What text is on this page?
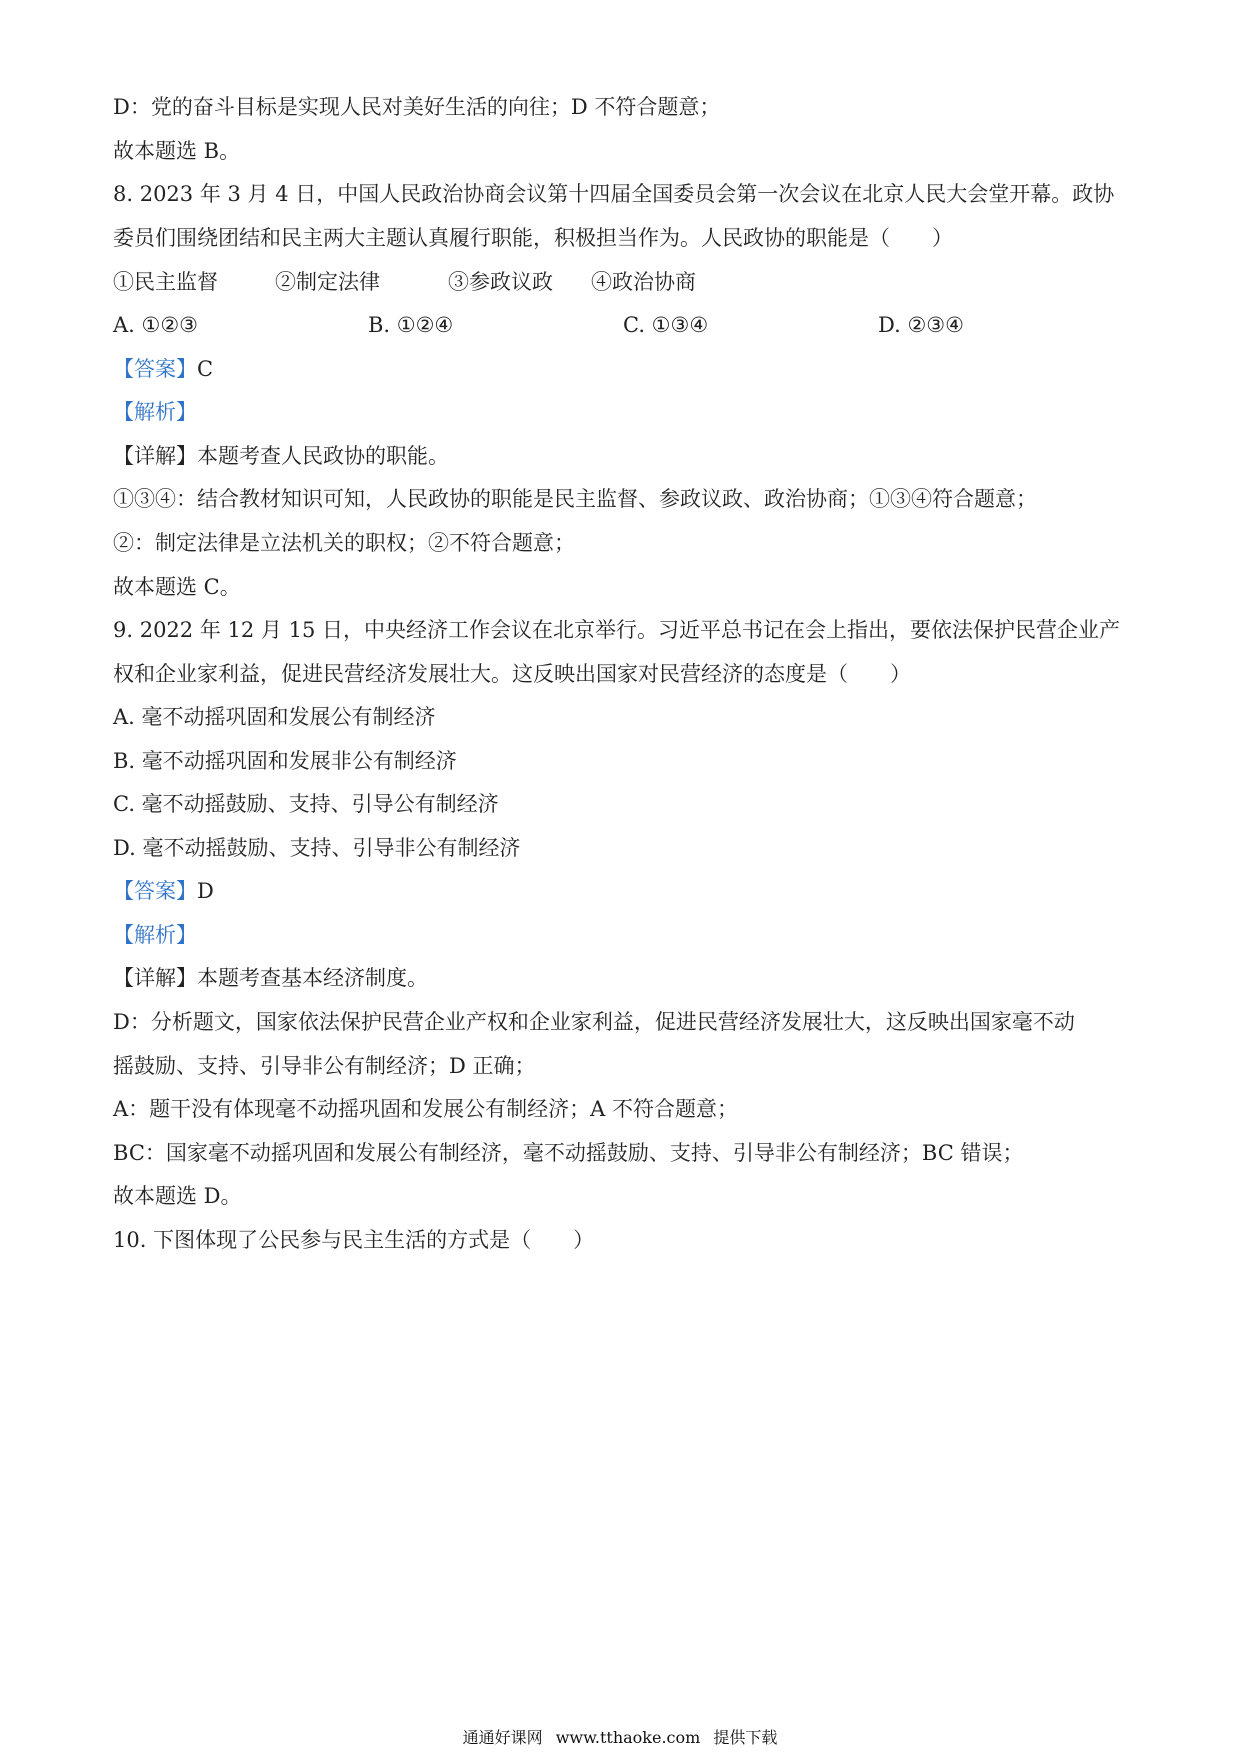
D：党的奋斗目标是实现人民对美好生活的向往；D 不符合题意；
故本题选 B。
8. 2023 年 3 月 4 日，中国人民政治协商会议第十四届全国委员会第一次会议在北京人民大会堂开幕。政协
委员们围绕团结和民主两大主题认真履行职能，积极担当作为。人民政协的职能是（　　）
①民主监督	②制定法律	③参政议政 ④政治协商
A. ①②③	B. ①②④	C. ①③④	D. ②③④
【答案】C
【解析】
【详解】本题考查人民政协的职能。
①③④：结合教材知识可知，人民政协的职能是民主监督、参政议政、政治协商；①③④符合题意；
②：制定法律是立法机关的职权；②不符合题意；
故本题选 C。
9. 2022 年 12 月 15 日，中央经济工作会议在北京举行。习近平总书记在会上指出，要依法保护民营企业产
权和企业家利益，促进民营经济发展壮大。这反映出国家对民营经济的态度是（　　）
A. 毫不动摇巩固和发展公有制经济
B. 毫不动摇巩固和发展非公有制经济
C. 毫不动摇鼓励、支持、引导公有制经济
D. 毫不动摇鼓励、支持、引导非公有制经济
【答案】D
【解析】
【详解】本题考查基本经济制度。
D：分析题文，国家依法保护民营企业产权和企业家利益，促进民营经济发展壮大，这反映出国家毫不动
摇鼓励、支持、引导非公有制经济；D 正确；
A：题干没有体现毫不动摇巩固和发展公有制经济；A 不符合题意；
BC：国家毫不动摇巩固和发展公有制经济，毫不动摇鼓励、支持、引导非公有制经济；BC 错误；
故本题选 D。
10. 下图体现了公民参与民主生活的方式是（　　）
通通好课网 www.tthaoke.com 提供下载
